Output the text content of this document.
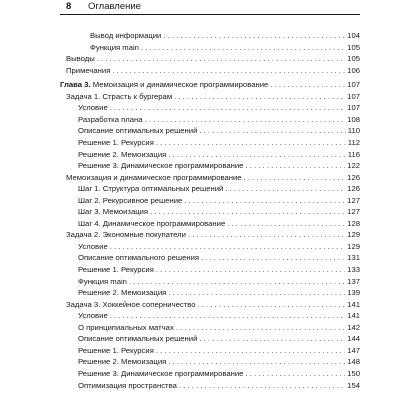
8 Оглавление
Вывод информации . . .	104
Функция main . . .	105
Выводы . . .	105
Примечания . . .	106
Глава 3. Мемоизация и динамическое программирование . . .	107
Задача 1. Страсть к бургерам . . .	107
Условие . . .	107
Разработка плана . . .	108
Описание оптимальных решений . . .	110
Решение 1. Рекурсия . . .	112
Решение 2. Мемоизация . . .	116
Решение 3. Динамическое программирование . . .	122
Мемоизация и динамическое программирование . . .	126
Шаг 1. Структура оптимальных решений . . .	126
Шаг 2. Рекурсивное решение . . .	127
Шаг 3. Мемоизация . . .	127
Шаг 4. Динамическое программирование . . .	128
Задача 2. Экономные покупатели . . .	129
Условие . . .	129
Описание оптимального решения . . .	131
Решение 1. Рекурсия . . .	133
Функция main . . .	137
Решение 2. Мемоизация . . .	139
Задача 3. Хоккейное соперничество . . .	141
Условие . . .	141
О принципиальных матчах . . .	142
Описание оптимальных решений . . .	144
Решение 1. Рекурсия . . .	147
Решение 2. Мемоизация . . .	148
Решение 3. Динамическое программирование . . .	150
Оптимизация пространства . . .	154
